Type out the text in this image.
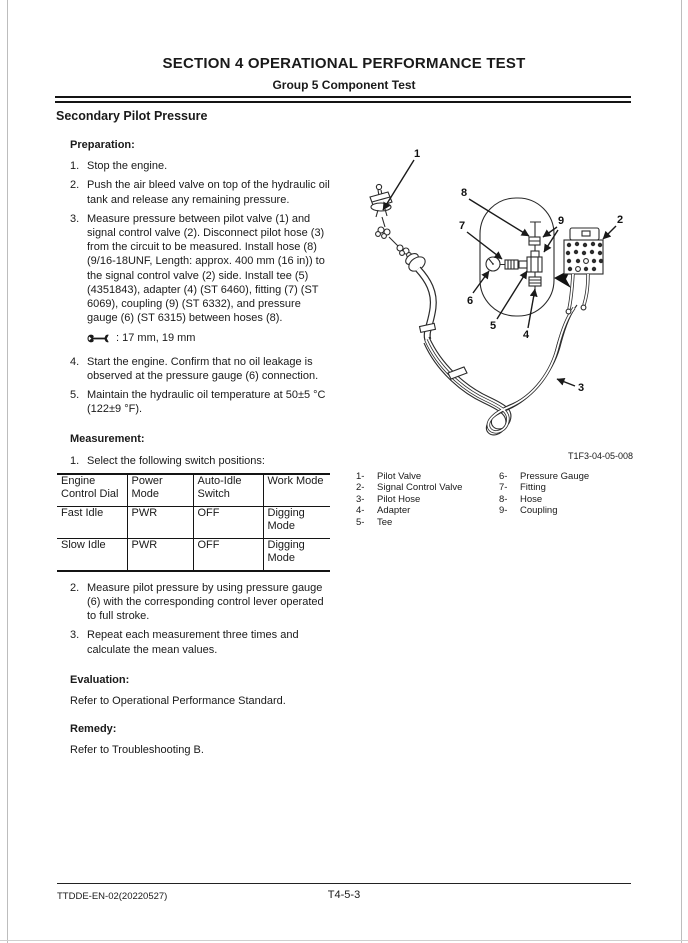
SECTION 4 OPERATIONAL PERFORMANCE TEST
Group 5 Component Test
Secondary Pilot Pressure
Preparation:
1. Stop the engine.
2. Push the air bleed valve on top of the hydraulic oil tank and release any remaining pressure.
3. Measure pressure between pilot valve (1) and signal control valve (2). Disconnect pilot hose (3) from the circuit to be measured. Install hose (8) (9/16-18UNF, Length: approx. 400 mm (16 in)) to the signal control valve (2) side. Install tee (5) (4351843), adapter (4) (ST 6460), fitting (7) (ST 6069), coupling (9) (ST 6332), and pressure gauge (6) (ST 6315) between hoses (8).
: 17 mm, 19 mm
4. Start the engine. Confirm that no oil leakage is observed at the pressure gauge (6) connection.
5. Maintain the hydraulic oil temperature at 50±5 °C (122±9 °F).
Measurement:
1. Select the following switch positions:
Engine Control Dial	Power Mode	Auto-Idle Switch	Work Mode
Fast Idle	PWR	OFF	Digging Mode
Slow Idle	PWR	OFF	Digging Mode
2. Measure pilot pressure by using pressure gauge (6) with the corresponding control lever operated to full stroke.
3. Repeat each measurement three times and calculate the mean values.
Evaluation:
Refer to Operational Performance Standard.
Remedy:
Refer to Troubleshooting B.
1
2
3
4
5
6
7
8
9
T1F3-04-05-008
1-	Pilot Valve
2-	Signal Control Valve
3-	Pilot Hose
4-	Adapter
5-	Tee
6-	Pressure Gauge
7-	Fitting
8-	Hose
9-	Coupling
TTDDE-EN-02(20220527)	T4-5-3
